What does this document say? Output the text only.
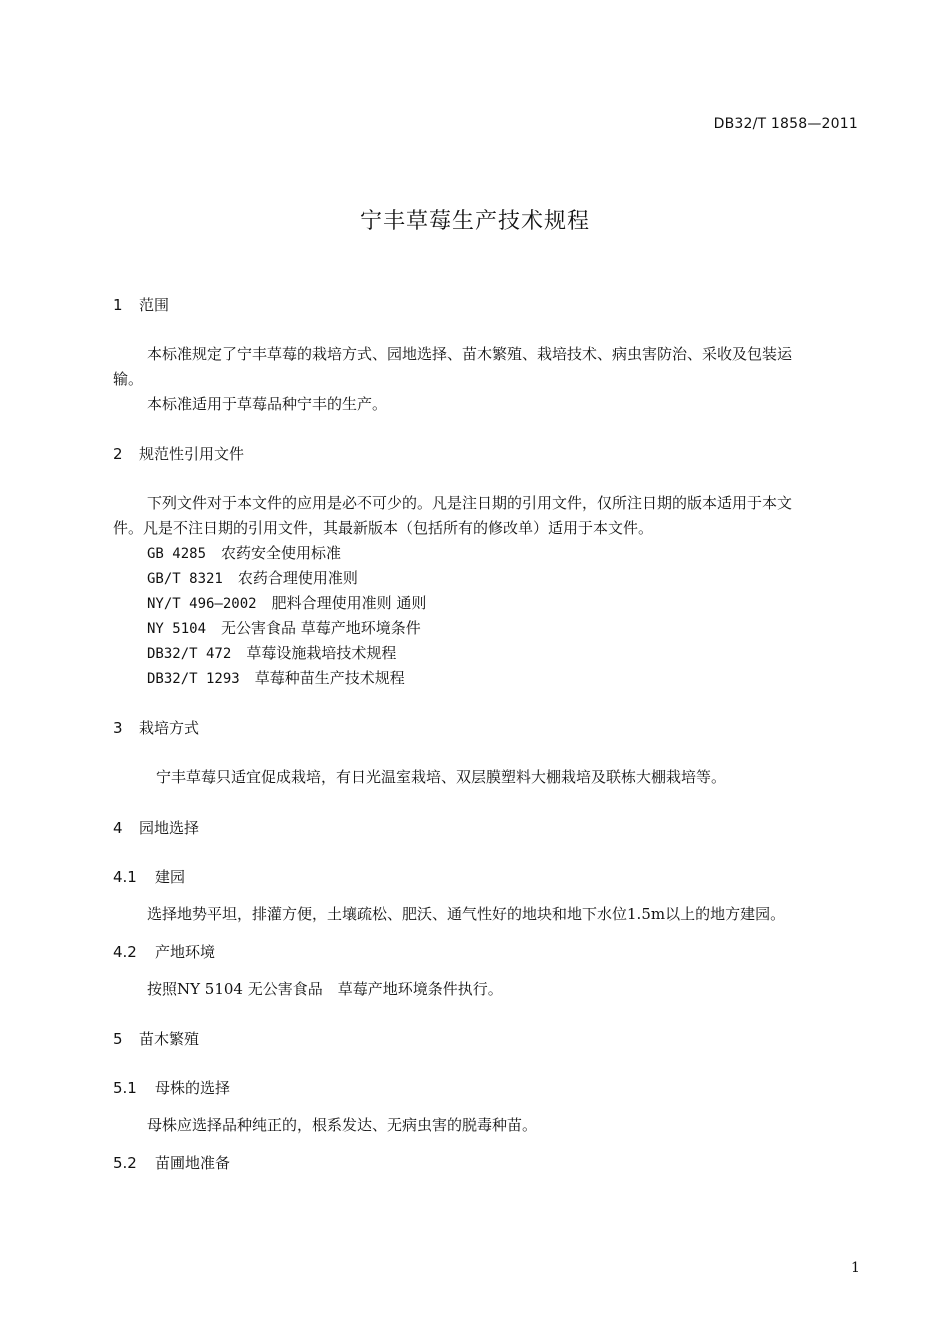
DB32/T 1858—2011
宁丰草莓生产技术规程
1 范围
本标准规定了宁丰草莓的栽培方式、园地选择、苗木繁殖、栽培技术、病虫害防治、采收及包装运
输。
本标准适用于草莓品种宁丰的生产。
2 规范性引用文件
下列文件对于本文件的应用是必不可少的。凡是注日期的引用文件，仅所注日期的版本适用于本文
件。凡是不注日期的引用文件，其最新版本（包括所有的修改单）适用于本文件。
GB 4285　 农药安全使用标准
GB/T 8321　 农药合理使用准则
NY/T 496—2002　 肥料合理使用准则 通则
NY 5104　 无公害食品 草莓产地环境条件
DB32/T 472　 草莓设施栽培技术规程
DB32/T 1293　 草莓种苗生产技术规程
3 栽培方式
宁丰草莓只适宜促成栽培，有日光温室栽培、双层膜塑料大棚栽培及联栋大棚栽培等。
4 园地选择
4.1 建园
选择地势平坦，排灌方便，土壤疏松、肥沃、通气性好的地块和地下水位1.5m以上的地方建园。
4.2 产地环境
按照NY 5104 无公害食品　草莓产地环境条件执行。
5 苗木繁殖
5.1 母株的选择
母株应选择品种纯正的，根系发达、无病虫害的脱毒种苗。
5.2 苗圃地准备
1
